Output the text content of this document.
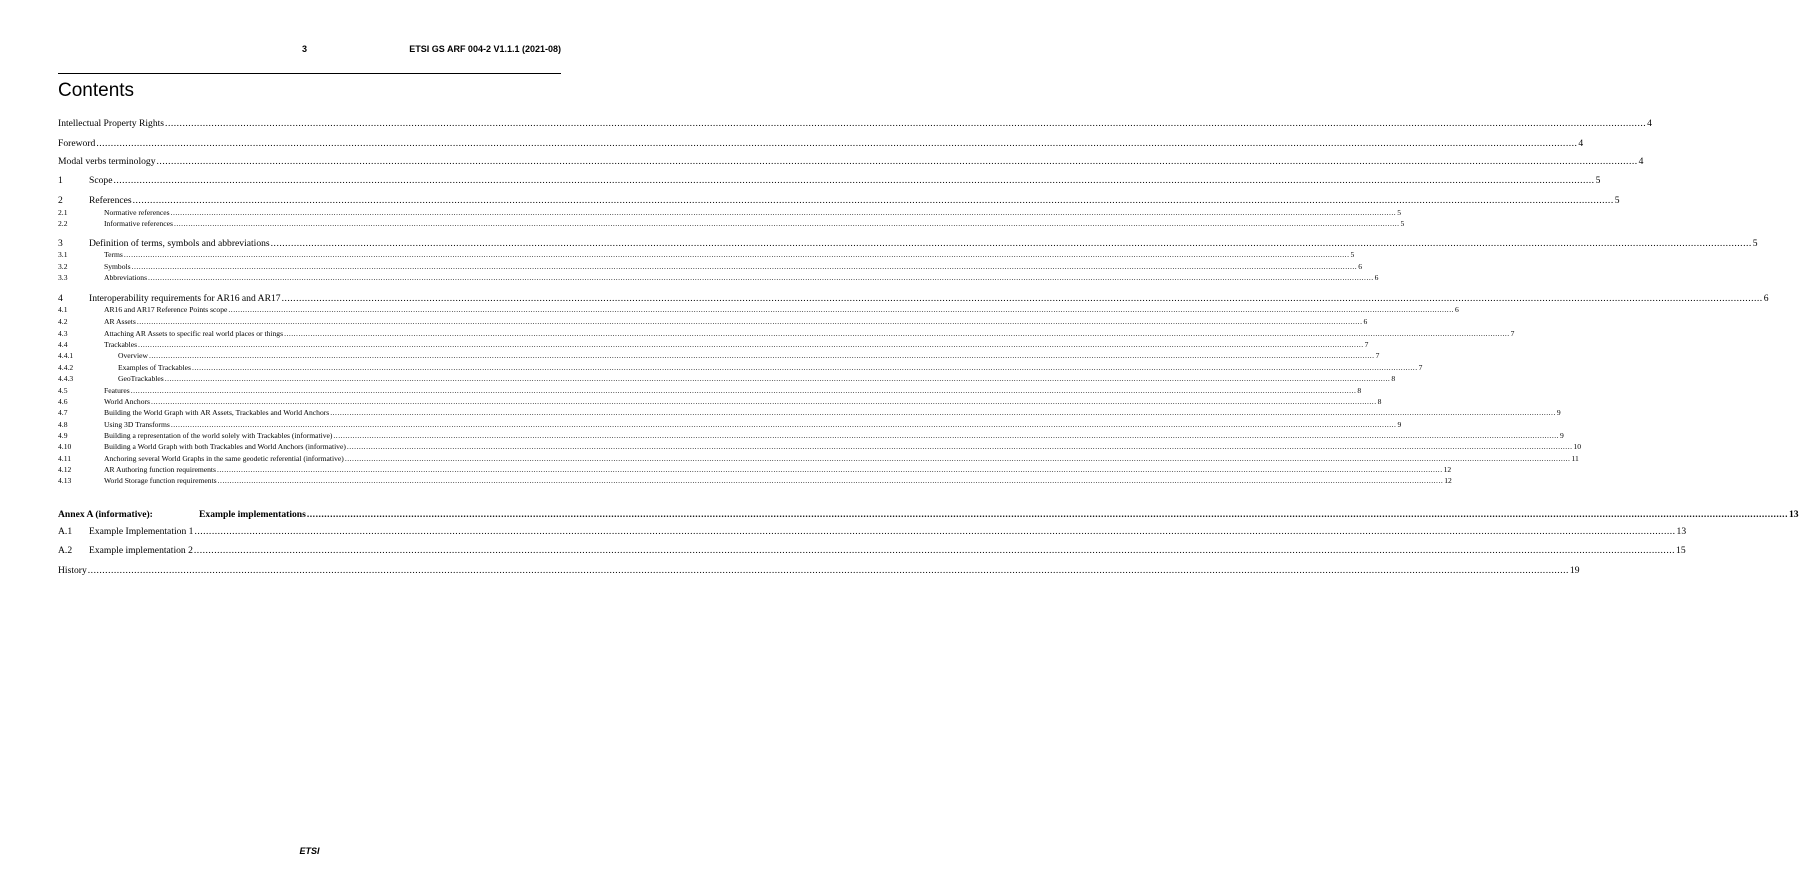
3	ETSI GS ARF 004-2 V1.1.1 (2021-08)
Contents
Intellectual Property Rights .....	4
Foreword .....	4
Modal verbs terminology .....	4
1	Scope .....	5
2	References .....	5
2.1	Normative references .....	5
2.2	Informative references .....	5
3	Definition of terms, symbols and abbreviations .....	5
3.1	Terms .....	5
3.2	Symbols .....	6
3.3	Abbreviations .....	6
4	Interoperability requirements for AR16 and AR17 .....	6
4.1	AR16 and AR17 Reference Points scope .....	6
4.2	AR Assets .....	6
4.3	Attaching AR Assets to specific real world places or things .....	7
4.4	Trackables .....	7
4.4.1	Overview .....	7
4.4.2	Examples of Trackables .....	7
4.4.3	GeoTrackables .....	8
4.5	Features .....	8
4.6	World Anchors .....	8
4.7	Building the World Graph with AR Assets, Trackables and World Anchors .....	9
4.8	Using 3D Transforms .....	9
4.9	Building a representation of the world solely with Trackables (informative) .....	9
4.10	Building a World Graph with both Trackables and World Anchors (informative) .....	10
4.11	Anchoring several World Graphs in the same geodetic referential (informative) .....	11
4.12	AR Authoring function requirements .....	12
4.13	World Storage function requirements .....	12
Annex A (informative):	Example implementations .....	13
A.1	Example Implementation 1 .....	13
A.2	Example implementation 2 .....	15
History .....	19
ETSI
